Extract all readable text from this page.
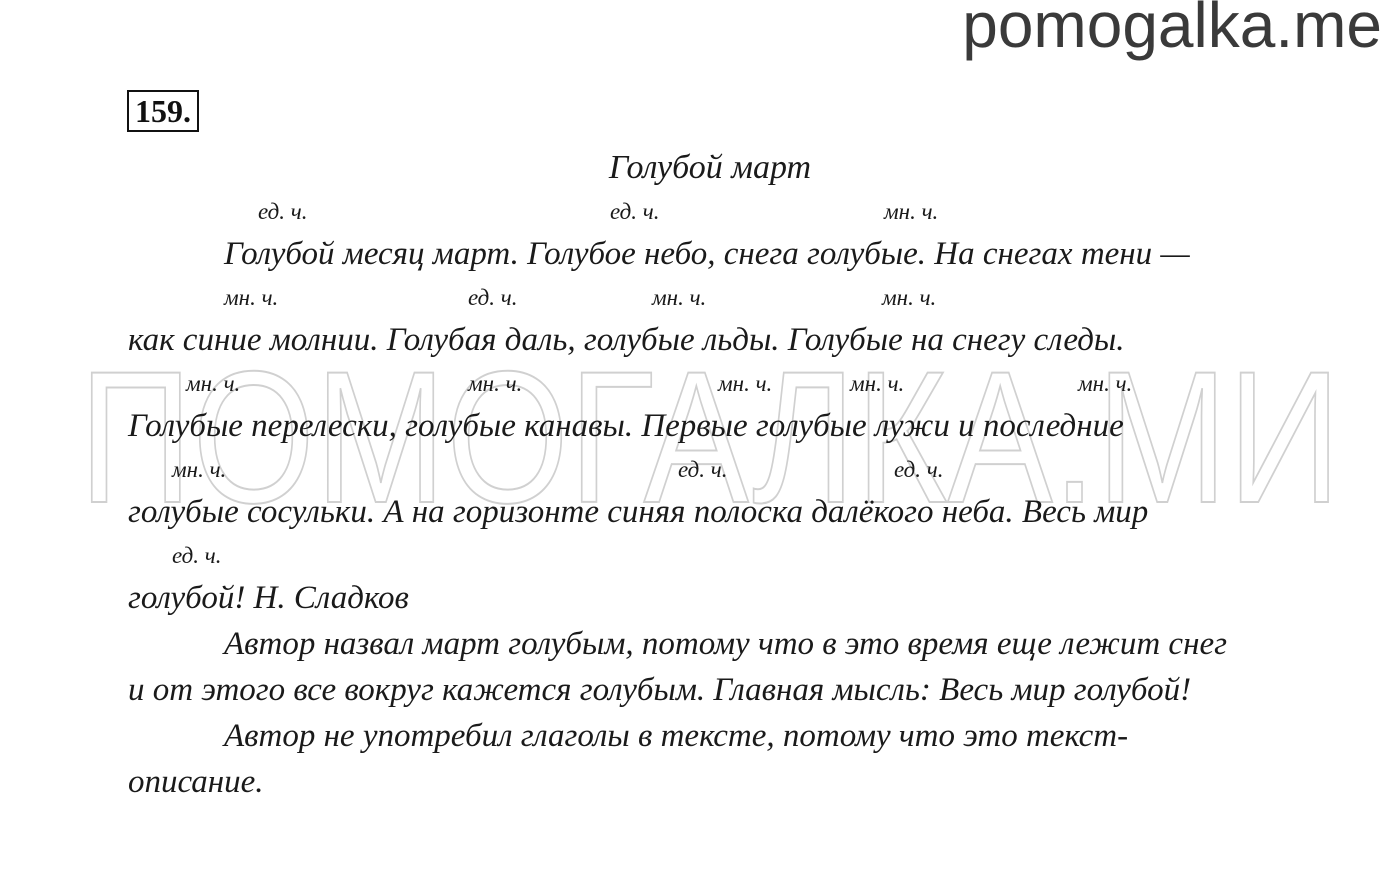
pomogalka.me
ПОМОГАЛКА.МИ
159.
Голубой март
ед. ч.	ед. ч.	мн. ч.
Голубой месяц март. Голубое небо, снега голубые. На снегах тени —
мн. ч.	ед. ч.	мн. ч.	мн. ч.
как синие молнии. Голубая даль, голубые льды. Голубые на снегу следы.
мн. ч.	мн. ч.	мн. ч.	мн. ч.	мн. ч.
Голубые перелески, голубые канавы. Первые голубые лужи и последние
мн. ч.	ед. ч.	ед. ч.
голубые сосульки. А на горизонте синяя полоска далёкого неба. Весь мир
ед. ч.
голубой! Н. Сладков
Автор назвал март голубым, потому что в это время еще лежит снег
и от этого все вокруг кажется голубым. Главная мысль: Весь мир голубой!
Автор не употребил глаголы в тексте, потому что это текст-
описание.
